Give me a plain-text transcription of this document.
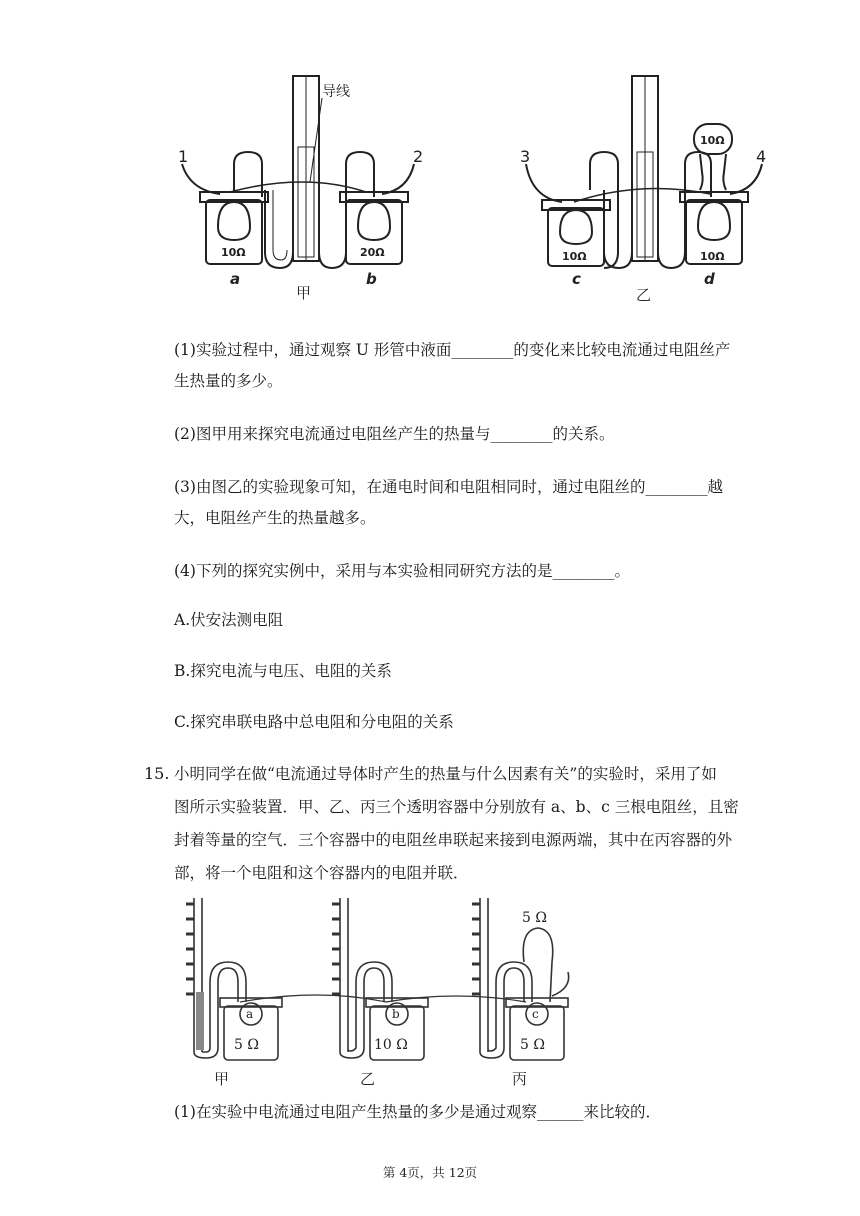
1	2
a	b
甲
10Ω	20Ω
导线
3	4
c	d
乙
10Ω	10Ω
10Ω
(1)实验过程中，通过观察 U 形管中液面________的变化来比较电流通过电阻丝产
生热量的多少。
(2)图甲用来探究电流通过电阻丝产生的热量与________的关系。
(3)由图乙的实验现象可知，在通电时间和电阻相同时，通过电阻丝的________越
大，电阻丝产生的热量越多。
(4)下列的探究实例中，采用与本实验相同研究方法的是________。
A.伏安法测电阻
B.探究电流与电压、电阻的关系
C.探究串联电路中总电阻和分电阻的关系
15. 小明同学在做“电流通过导体时产生的热量与什么因素有关”的实验时，采用了如
图所示实验装置．甲、乙、丙三个透明容器中分别放有 a、b、c 三根电阻丝，且密
封着等量的空气．三个容器中的电阻丝串联起来接到电源两端，其中在丙容器的外
部，将一个电阻和这个容器内的电阻并联．
5 Ω
a	b	c
5 Ω	10 Ω	5 Ω
甲	乙	丙
(1)在实验中电流通过电阻产生热量的多少是通过观察______来比较的．
第 4页，共 12页
